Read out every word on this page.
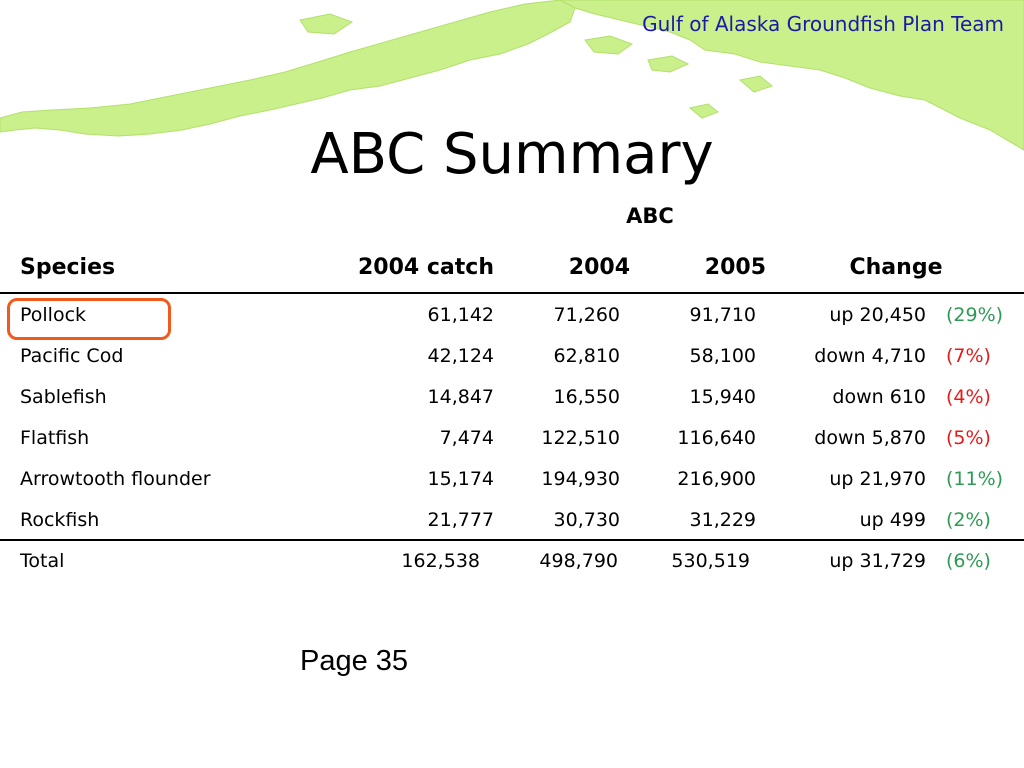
Gulf of Alaska Groundfish Plan Team
ABC Summary
ABC
Species	2004 catch	2004	2005	Change
Pollock	61,142	71,260	91,710	up 20,450 (29%)
Pacific Cod	42,124	62,810	58,100	down 4,710 (7%)
Sablefish	14,847	16,550	15,940	down 610 (4%)
Flatfish	7,474	122,510	116,640	down 5,870 (5%)
Arrowtooth flounder	15,174	194,930	216,900	up 21,970 (11%)
Rockfish	21,777	30,730	31,229	up 499 (2%)
Total	162,538	498,790	530,519	up 31,729 (6%)
Page 35
